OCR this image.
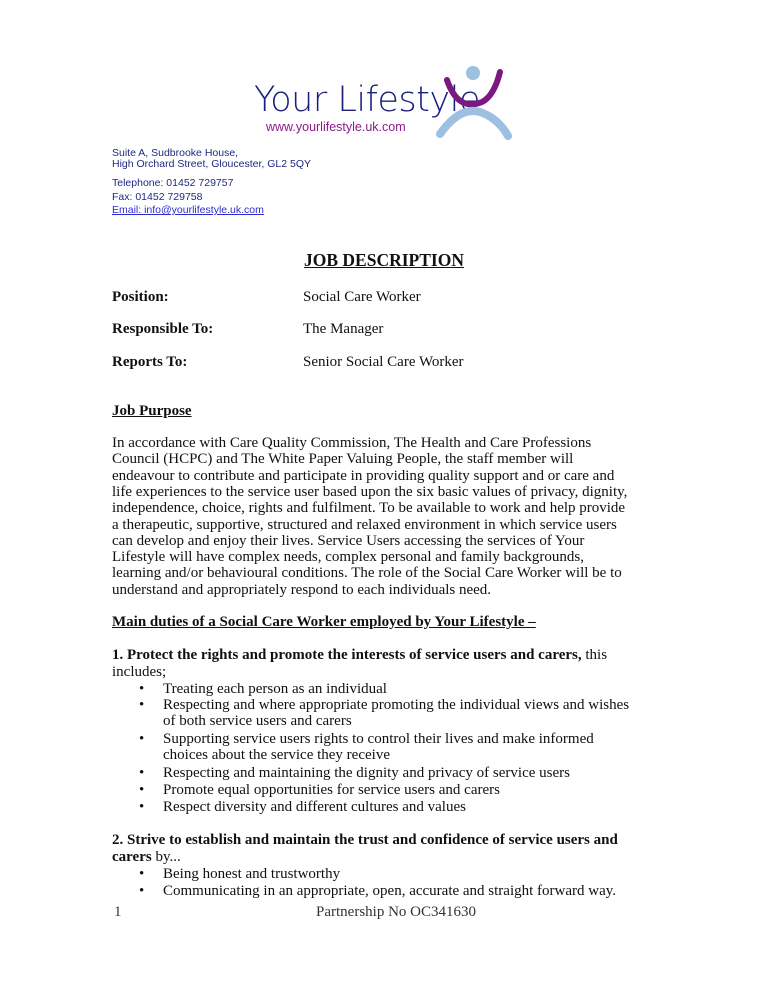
Your Lifestyle
www.yourlifestyle.uk.com
Suite A, Sudbrooke House,
High Orchard Street, Gloucester, GL2 5QY
Telephone: 01452 729757
Fax: 01452 729758
Email: info@yourlifestyle.uk.com
JOB DESCRIPTION
Position:	Social Care Worker
Responsible To:	The Manager
Reports To:	Senior Social Care Worker
Job Purpose
In accordance with Care Quality Commission, The Health and Care Professions
Council (HCPC) and The White Paper Valuing People, the staff member will
endeavour to contribute and participate in providing quality support and or care and
life experiences to the service user based upon the six basic values of privacy, dignity,
independence, choice, rights and fulfilment. To be available to work and help provide
a therapeutic, supportive, structured and relaxed environment in which service users
can develop and enjoy their lives. Service Users accessing the services of Your
Lifestyle will have complex needs, complex personal and family backgrounds,
learning and/or behavioural conditions. The role of the Social Care Worker will be to
understand and appropriately respond to each individuals need.
Main duties of a Social Care Worker employed by Your Lifestyle –
1. Protect the rights and promote the interests of service users and carers, this
includes;
• Treating each person as an individual
• Respecting and where appropriate promoting the individual views and wishes
of both service users and carers
• Supporting service users rights to control their lives and make informed
choices about the service they receive
• Respecting and maintaining the dignity and privacy of service users
• Promote equal opportunities for service users and carers
• Respect diversity and different cultures and values
2. Strive to establish and maintain the trust and confidence of service users and
carers by...
• Being honest and trustworthy
• Communicating in an appropriate, open, accurate and straight forward way.
1	Partnership No OC341630
